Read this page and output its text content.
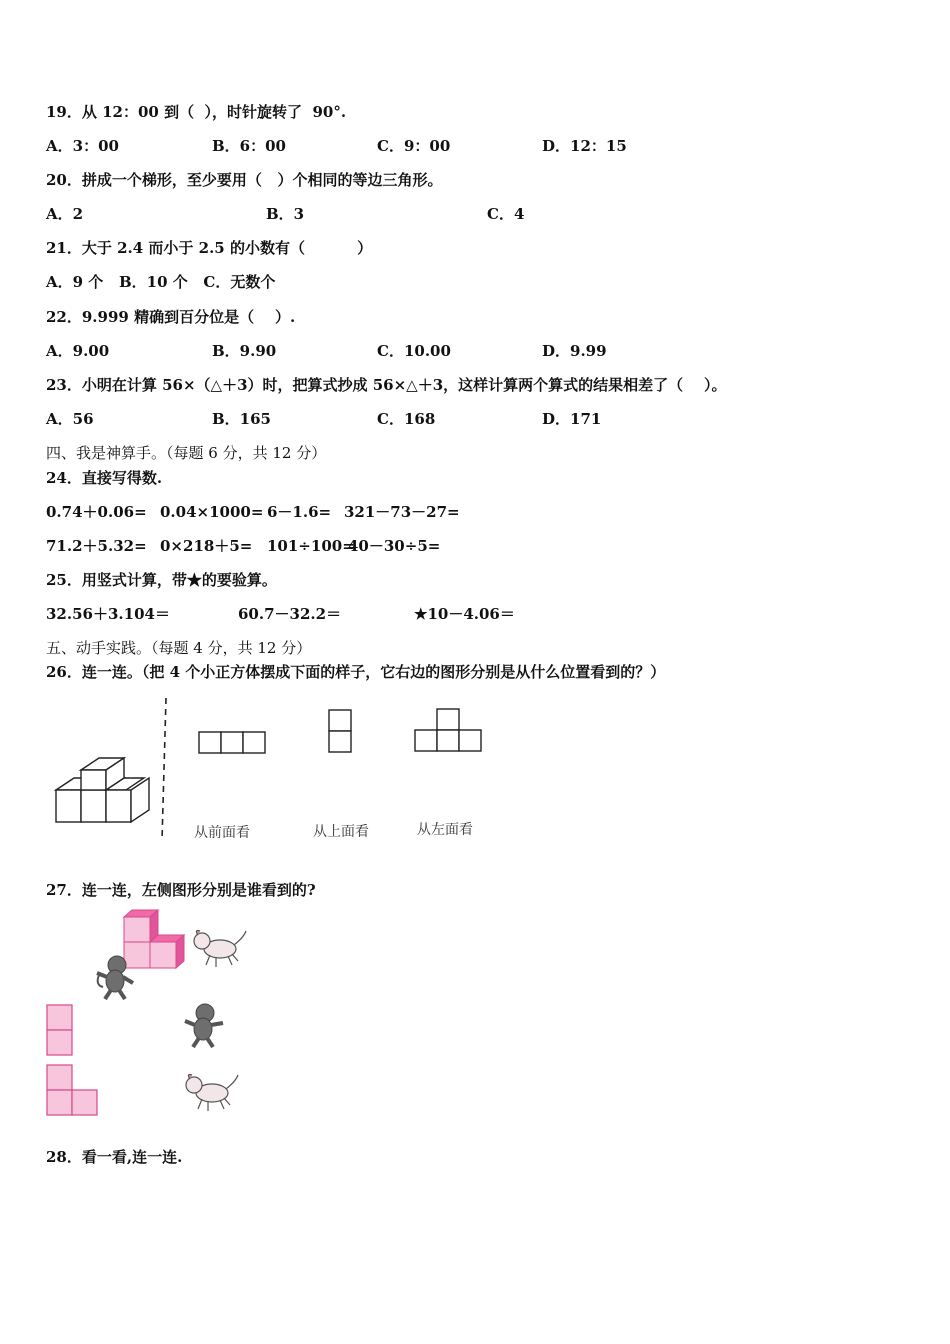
19．从 12：00 到（  ），时针旋转了  90°.
A．3：00	B．6：00	C．9：00	D．12：15
20．拼成一个梯形，至少要用（   ）个相同的等边三角形。
A．2	B．3	C．4
21．大于 2.4 而小于 2.5 的小数有（          ）
A．9 个   B．10 个   C．无数个
22．9.999 精确到百分位是（    ）.
A．9.00	B．9.90	C．10.00	D．9.99
23．小明在计算 56×（△＋3）时，把算式抄成 56×△＋3，这样计算两个算式的结果相差了（    ）。
A．56	B．165	C．168	D．171
四、我是神算手。（每题 6 分，共 12 分）
24．直接写得数.
0.74＋0.06= 0.04×1000= 6－1.6= 321－73－27=
71.2＋5.32= 0×218＋5= 101÷100=
40－30÷5=
25．用竖式计算，带★的要验算。
32.56＋3.104＝	60.7－32.2＝	★10－4.06＝
五、动手实践。（每题 4 分，共 12 分）
26．连一连。（把 4 个小正方体摆成下面的样子，它右边的图形分别是从什么位置看到的？）
从前面看	从上面看	从左面看
27．连一连，左侧图形分别是谁看到的?
28．看一看,连一连.
